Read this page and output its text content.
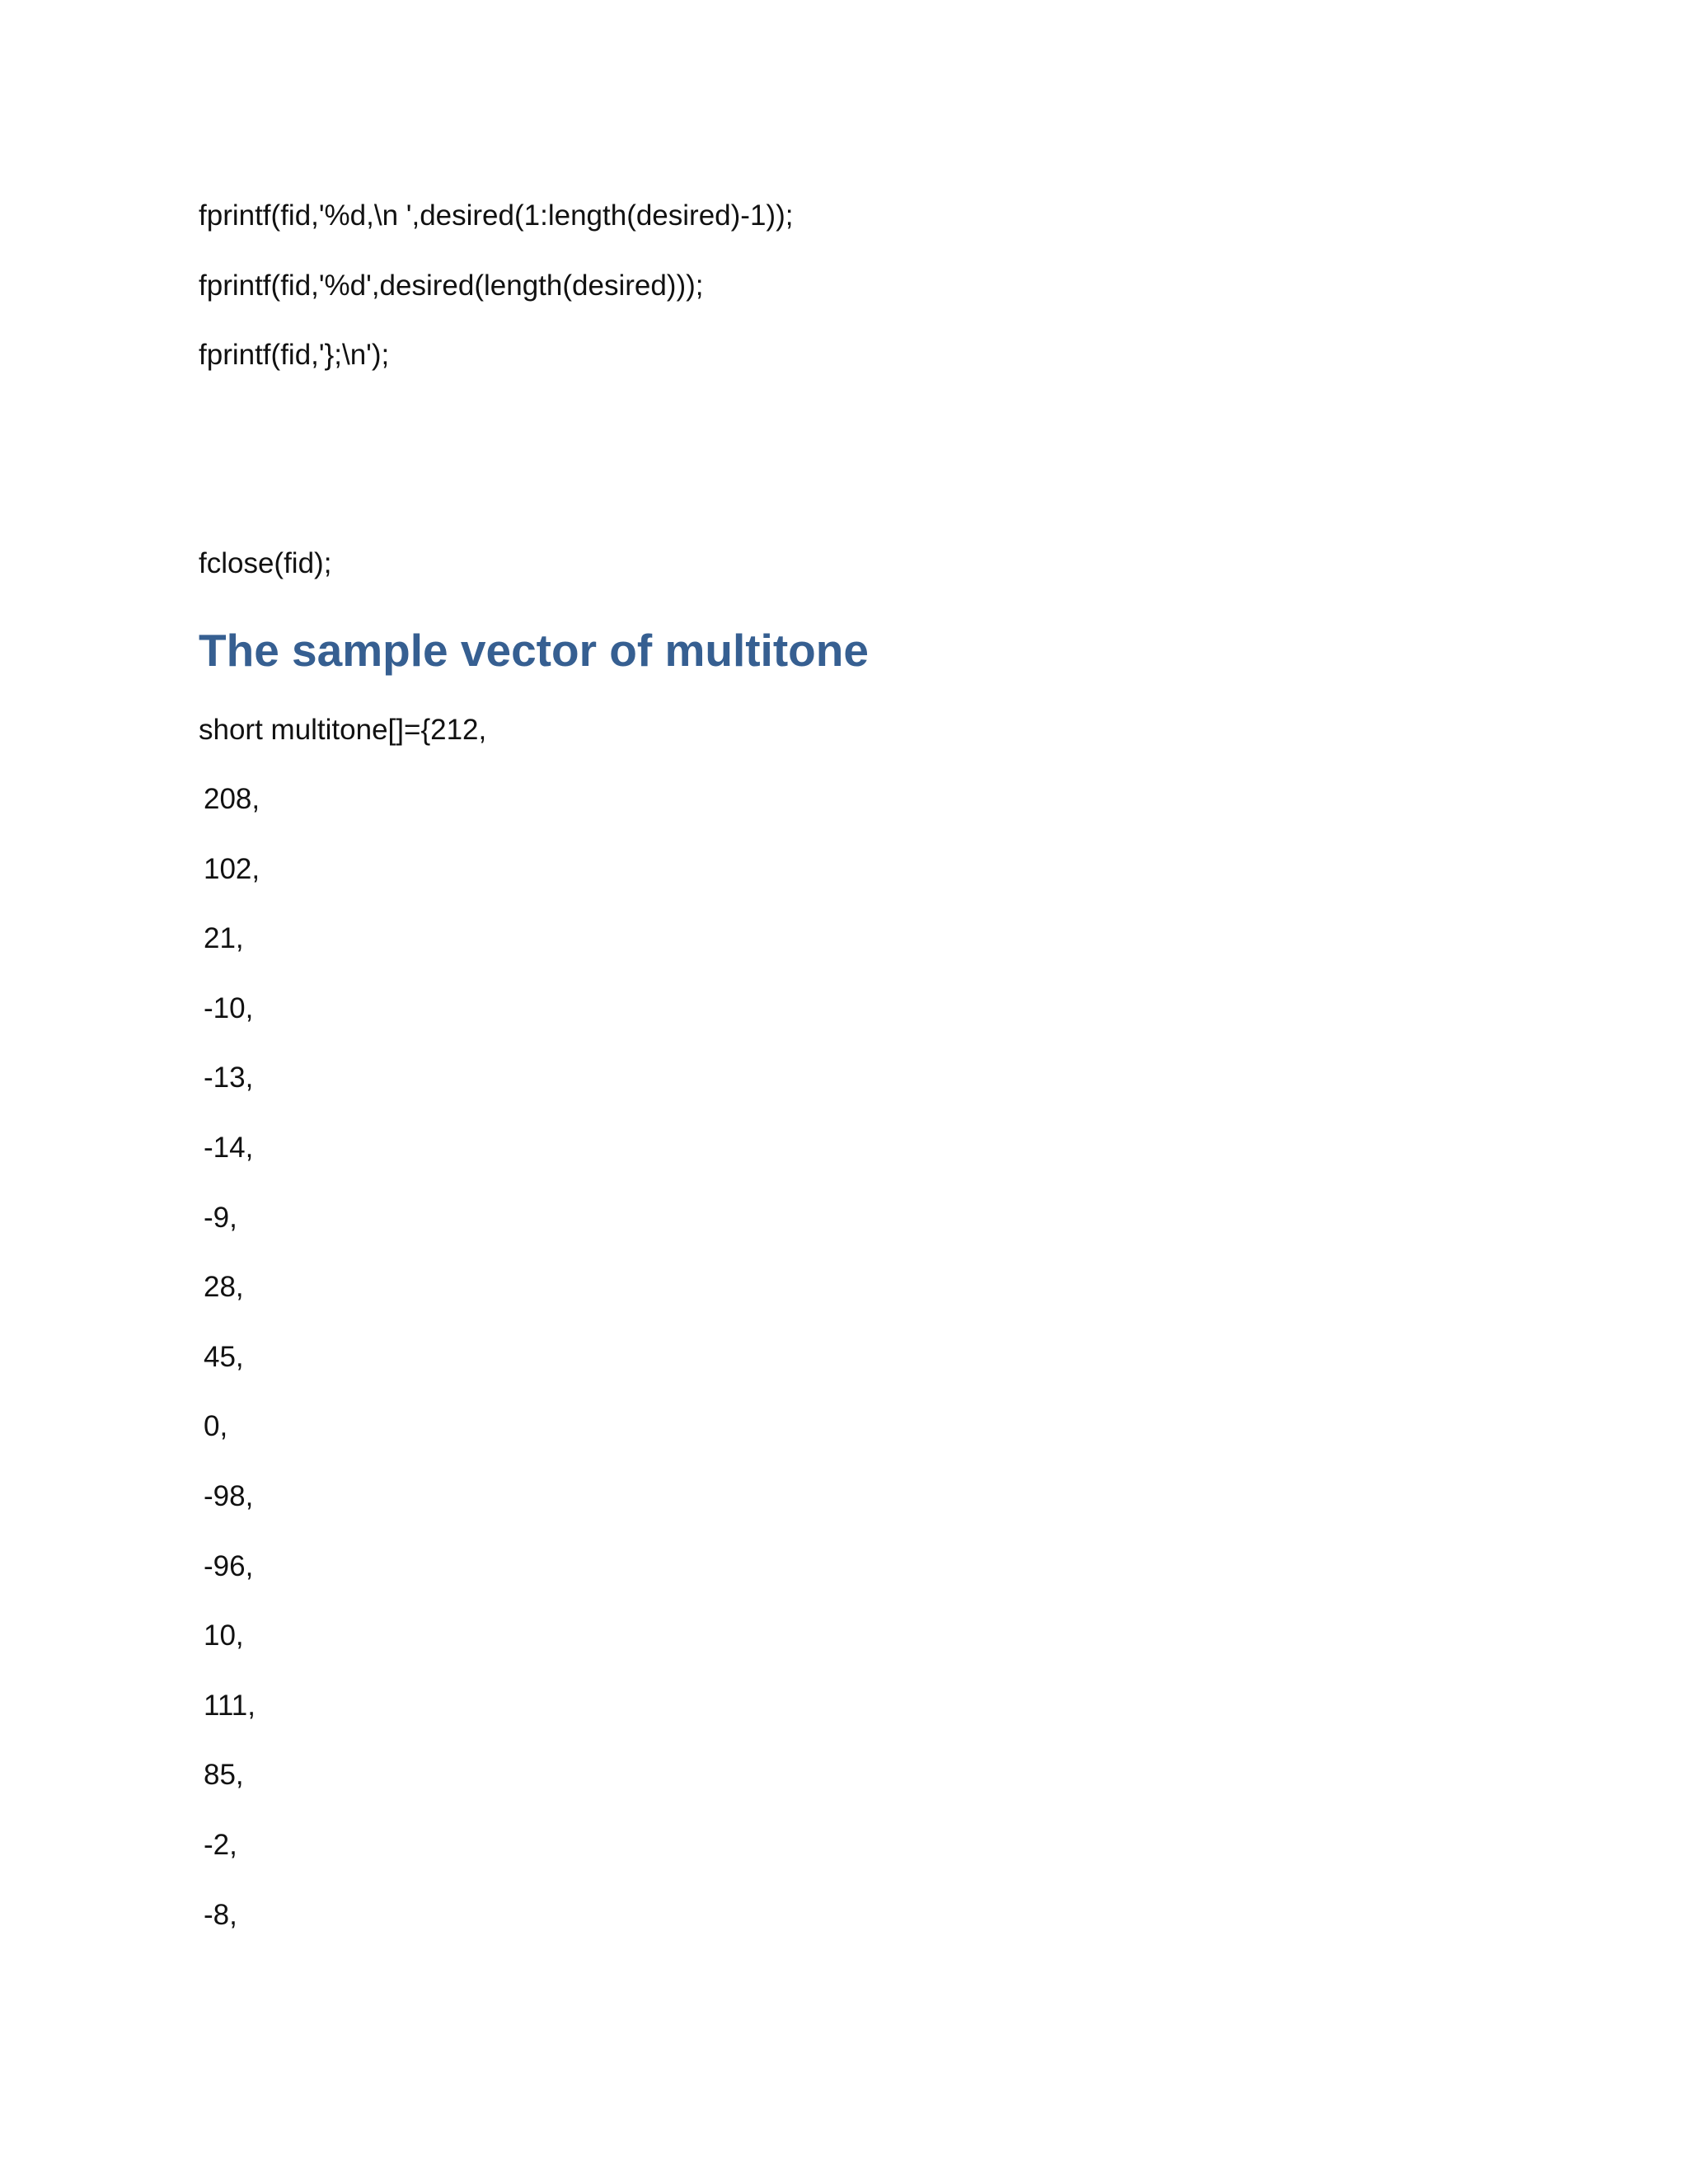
fprintf(fid,'%d,\n ',desired(1:length(desired)-1));
fprintf(fid,'%d',desired(length(desired)));
fprintf(fid,'};\n');
fclose(fid);
The sample vector of multitone
short multitone[]={212,
208,
102,
21,
-10,
-13,
-14,
-9,
28,
45,
0,
-98,
-96,
10,
111,
85,
-2,
-8,
